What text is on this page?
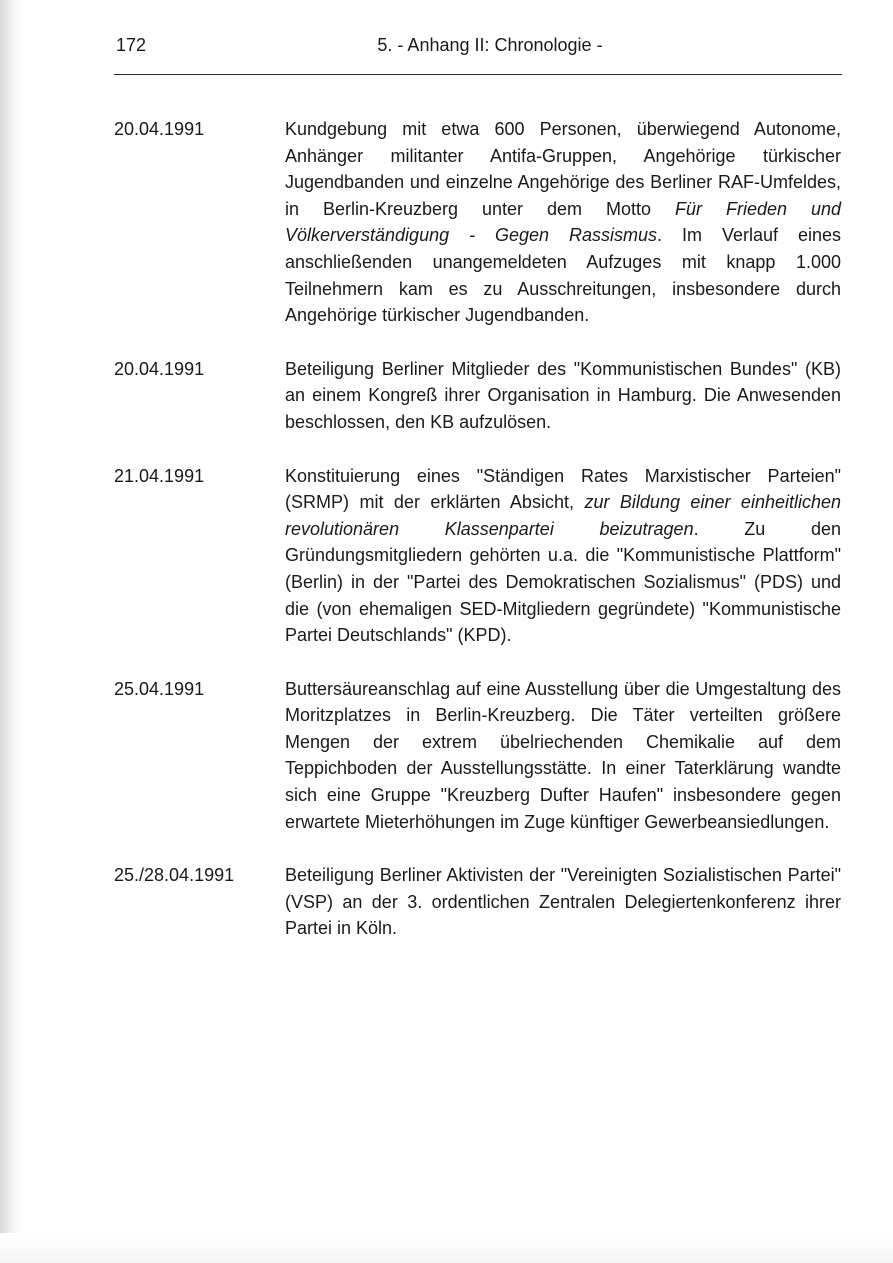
172	5. - Anhang II: Chronologie -
20.04.1991	Kundgebung mit etwa 600 Personen, überwiegend Autonome, Anhänger militanter Antifa-Gruppen, Angehörige türkischer Jugendbanden und einzelne Angehörige des Berliner RAF-Umfeldes, in Berlin-Kreuzberg unter dem Motto Für Frieden und Völkerverständigung - Gegen Rassismus. Im Verlauf eines anschließenden unangemeldeten Aufzuges mit knapp 1.000 Teilnehmern kam es zu Ausschreitungen, insbesondere durch Angehörige türkischer Jugendbanden.
20.04.1991	Beteiligung Berliner Mitglieder des "Kommunistischen Bundes" (KB) an einem Kongreß ihrer Organisation in Hamburg. Die Anwesenden beschlossen, den KB aufzulösen.
21.04.1991	Konstituierung eines "Ständigen Rates Marxistischer Parteien" (SRMP) mit der erklärten Absicht, zur Bildung einer einheitlichen revolutionären Klassenpartei beizutragen. Zu den Gründungsmitgliedern gehörten u.a. die "Kommunistische Plattform" (Berlin) in der "Partei des Demokratischen Sozialismus" (PDS) und die (von ehemaligen SED-Mitgliedern gegründete) "Kommunistische Partei Deutschlands" (KPD).
25.04.1991	Buttersäureanschlag auf eine Ausstellung über die Umgestaltung des Moritzplatzes in Berlin-Kreuzberg. Die Täter verteilten größere Mengen der extrem übelriechenden Chemikalie auf dem Teppichboden der Ausstellungsstätte. In einer Taterklärung wandte sich eine Gruppe "Kreuzberg Dufter Haufen" insbesondere gegen erwartete Mieterhöhungen im Zuge künftiger Gewerbeansiedlungen.
25./28.04.1991	Beteiligung Berliner Aktivisten der "Vereinigten Sozialistischen Partei" (VSP) an der 3. ordentlichen Zentralen Delegiertenkonferenz ihrer Partei in Köln.
